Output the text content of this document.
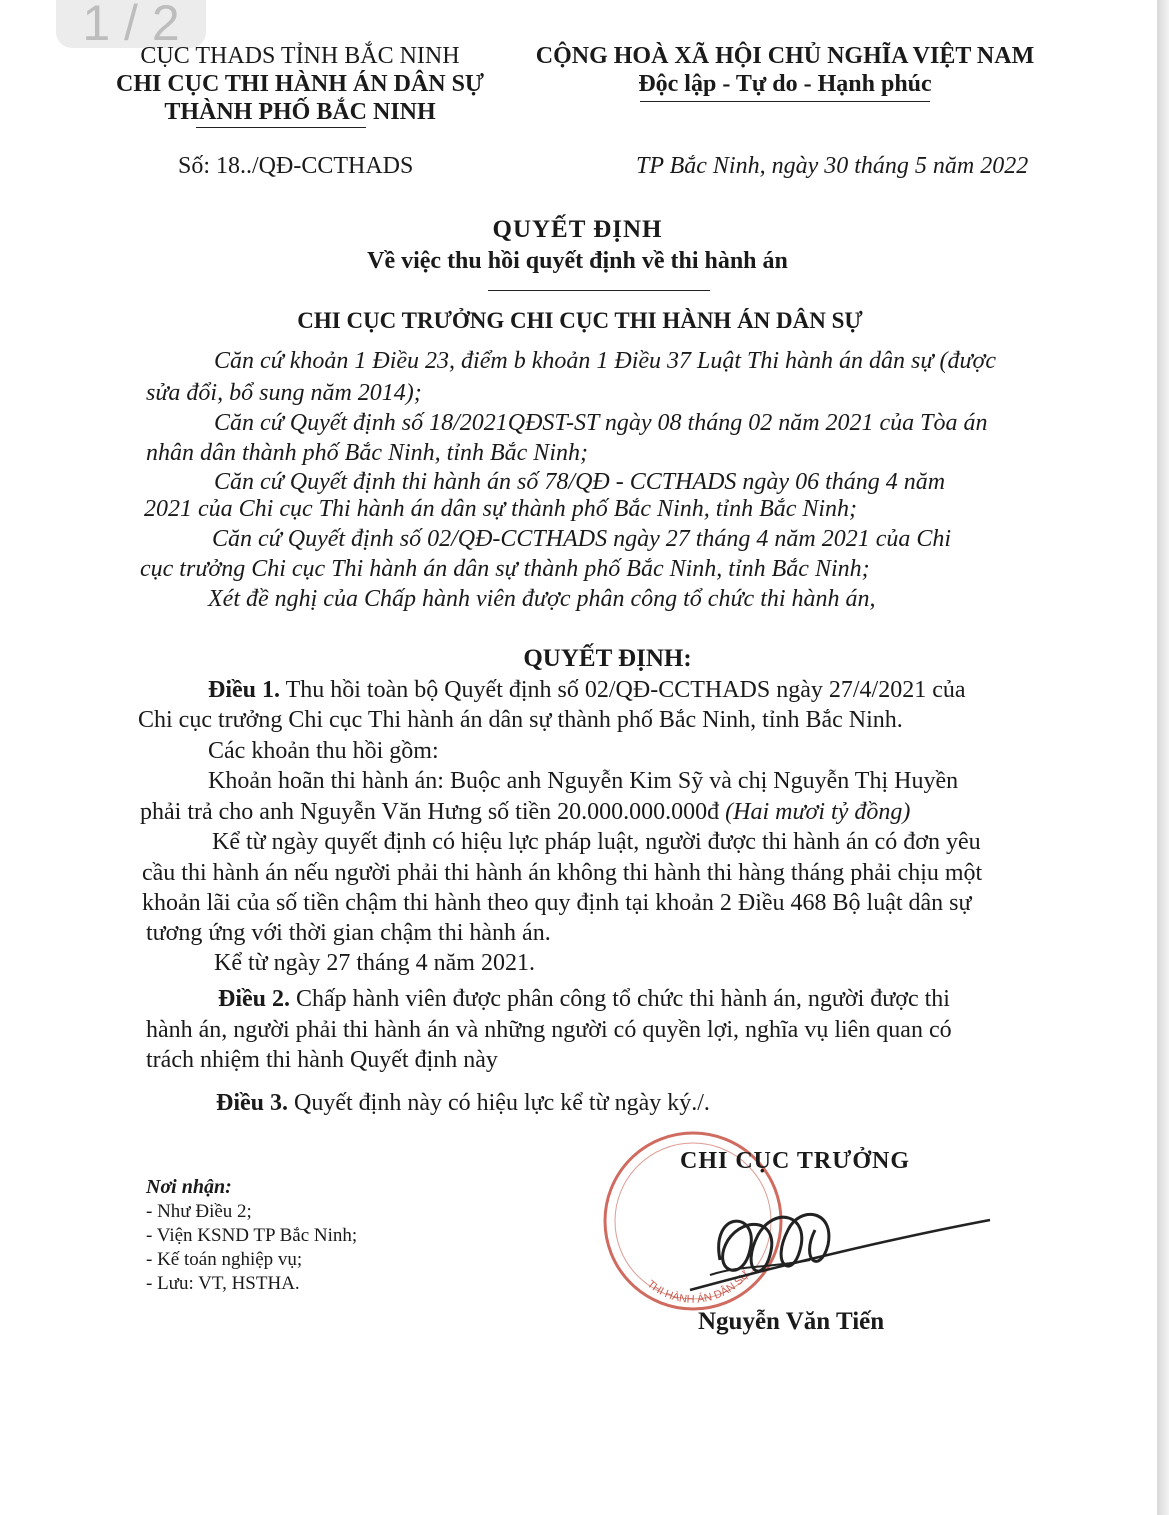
1 / 2
CỤC THADS TỈNH BẮC NINH
CHI CỤC THI HÀNH ÁN DÂN SỰ
THÀNH PHỐ BẮC NINH
CỘNG HOÀ XÃ HỘI CHỦ NGHĨA VIỆT NAM
Độc lập - Tự do - Hạnh phúc
Số: 18../QĐ-CCTHADS	TP Bắc Ninh, ngày 30 tháng 5 năm 2022
QUYẾT ĐỊNH
Về việc thu hồi quyết định về thi hành án
CHI CỤC TRƯỞNG CHI CỤC THI HÀNH ÁN DÂN SỰ
Căn cứ khoản 1 Điều 23, điểm b khoản 1 Điều 37 Luật Thi hành án dân sự (được
sửa đổi, bổ sung năm 2014);
Căn cứ Quyết định số 18/2021QĐST-ST ngày 08 tháng 02 năm 2021 của Tòa án
nhân dân thành phố Bắc Ninh, tỉnh Bắc Ninh;
Căn cứ Quyết định thi hành án số 78/QĐ - CCTHADS ngày 06 tháng 4 năm
2021 của Chi cục Thi hành án dân sự thành phố Bắc Ninh, tỉnh Bắc Ninh;
Căn cứ Quyết định số 02/QĐ-CCTHADS ngày 27 tháng 4 năm 2021 của Chi
cục trưởng Chi cục Thi hành án dân sự thành phố Bắc Ninh, tỉnh Bắc Ninh;
Xét đề nghị của Chấp hành viên được phân công tổ chức thi hành án,
QUYẾT ĐỊNH:
Điều 1. Thu hồi toàn bộ Quyết định số 02/QĐ-CCTHADS ngày 27/4/2021 của
Chi cục trưởng Chi cục Thi hành án dân sự thành phố Bắc Ninh, tỉnh Bắc Ninh.
Các khoản thu hồi gồm:
Khoản hoãn thi hành án: Buộc anh Nguyễn Kim Sỹ và chị Nguyễn Thị Huyền
phải trả cho anh Nguyễn Văn Hưng số tiền 20.000.000.000đ (Hai mươi tỷ đồng)
Kể từ ngày quyết định có hiệu lực pháp luật, người được thi hành án có đơn yêu
cầu thi hành án nếu người phải thi hành án không thi hành thi hàng tháng phải chịu một
khoản lãi của số tiền chậm thi hành theo quy định tại khoản 2 Điều 468 Bộ luật dân sự
tương ứng với thời gian chậm thi hành án.
Kể từ ngày 27 tháng 4 năm 2021.
Điều 2. Chấp hành viên được phân công tổ chức thi hành án, người được thi
hành án, người phải thi hành án và những người có quyền lợi, nghĩa vụ liên quan có
trách nhiệm thi hành Quyết định này
Điều 3. Quyết định này có hiệu lực kể từ ngày ký./.
Nơi nhận:
- Như Điều 2;
- Viện KSND TP Bắc Ninh;
- Kế toán nghiệp vụ;
- Lưu: VT, HSTHA.	THI HÀNH ÁN DÂN SỰ
CHI CỤC TRƯỞNG
Nguyễn Văn Tiến
